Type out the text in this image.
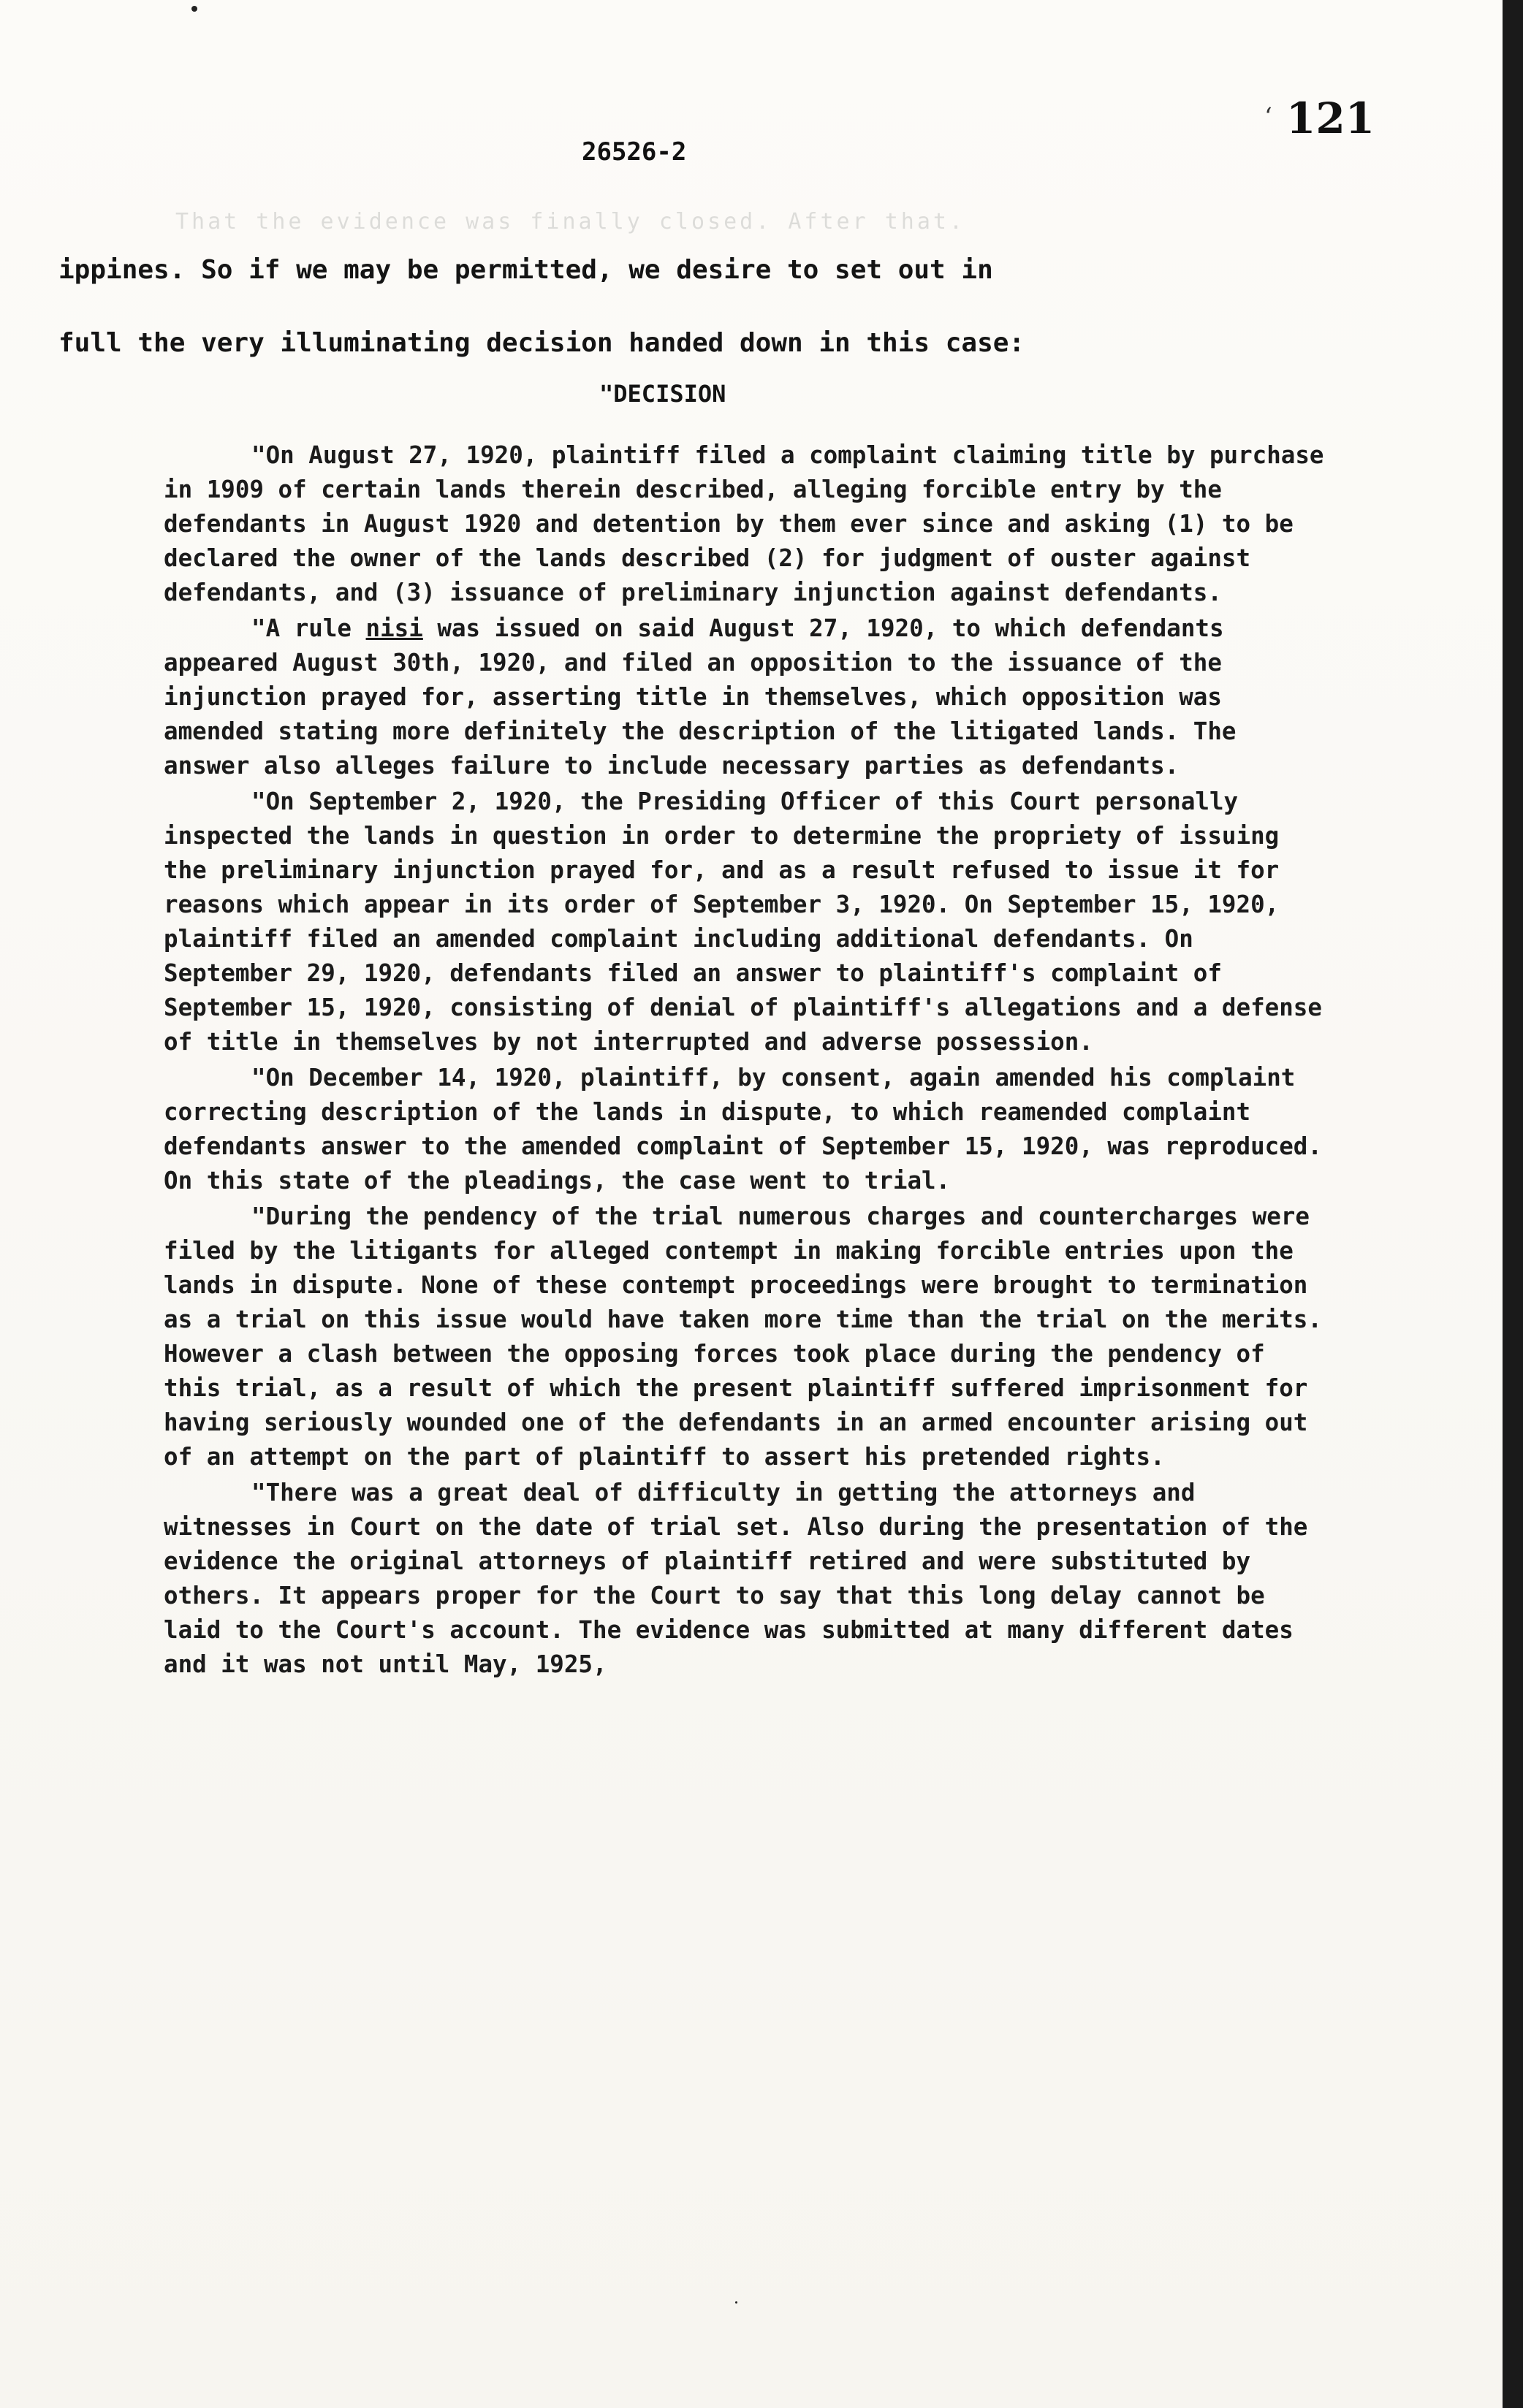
That the evidence was finally closed. After that.
‘ 121
26526-2

ippines. So if we may be permitted, we desire to set out in

full the very illuminating decision handed down in this case:

"DECISION

"On August 27, 1920, plaintiff filed a complaint claiming title by purchase in 1909 of certain lands therein described, alleging forcible entry by the defendants in August 1920 and detention by them ever since and asking (1) to be declared the owner of the lands described (2) for judgment of ouster against defendants, and (3) issuance of preliminary injunction against defendants.

"A rule nisi was issued on said August 27, 1920, to which defendants appeared August 30th, 1920, and filed an opposition to the issuance of the injunction prayed for, asserting title in themselves, which opposition was amended stating more definitely the description of the litigated lands. The answer also alleges failure to include necessary parties as defendants.

"On September 2, 1920, the Presiding Officer of this Court personally inspected the lands in question in order to determine the propriety of issuing the preliminary injunction prayed for, and as a result refused to issue it for reasons which appear in its order of September 3, 1920. On September 15, 1920, plaintiff filed an amended complaint including additional defendants. On September 29, 1920, defendants filed an answer to plaintiff's complaint of September 15, 1920, consisting of denial of plaintiff's allegations and a defense of title in themselves by not interrupted and adverse possession.

"On December 14, 1920, plaintiff, by consent, again amended his complaint correcting description of the lands in dispute, to which reamended complaint defendants answer to the amended complaint of September 15, 1920, was reproduced. On this state of the pleadings, the case went to trial.

"During the pendency of the trial numerous charges and countercharges were filed by the litigants for alleged contempt in making forcible entries upon the lands in dispute. None of these contempt proceedings were brought to termination as a trial on this issue would have taken more time than the trial on the merits. However a clash between the opposing forces took place during the pendency of this trial, as a result of which the present plaintiff suffered imprisonment for having seriously wounded one of the defendants in an armed encounter arising out of an attempt on the part of plaintiff to assert his pretended rights.

"There was a great deal of difficulty in getting the attorneys and witnesses in Court on the date of trial set. Also during the presentation of the evidence the original attorneys of plaintiff retired and were substituted by others. It appears proper for the Court to say that this long delay cannot be laid to the Court's account. The evidence was submitted at many different dates and it was not until May, 1925,
